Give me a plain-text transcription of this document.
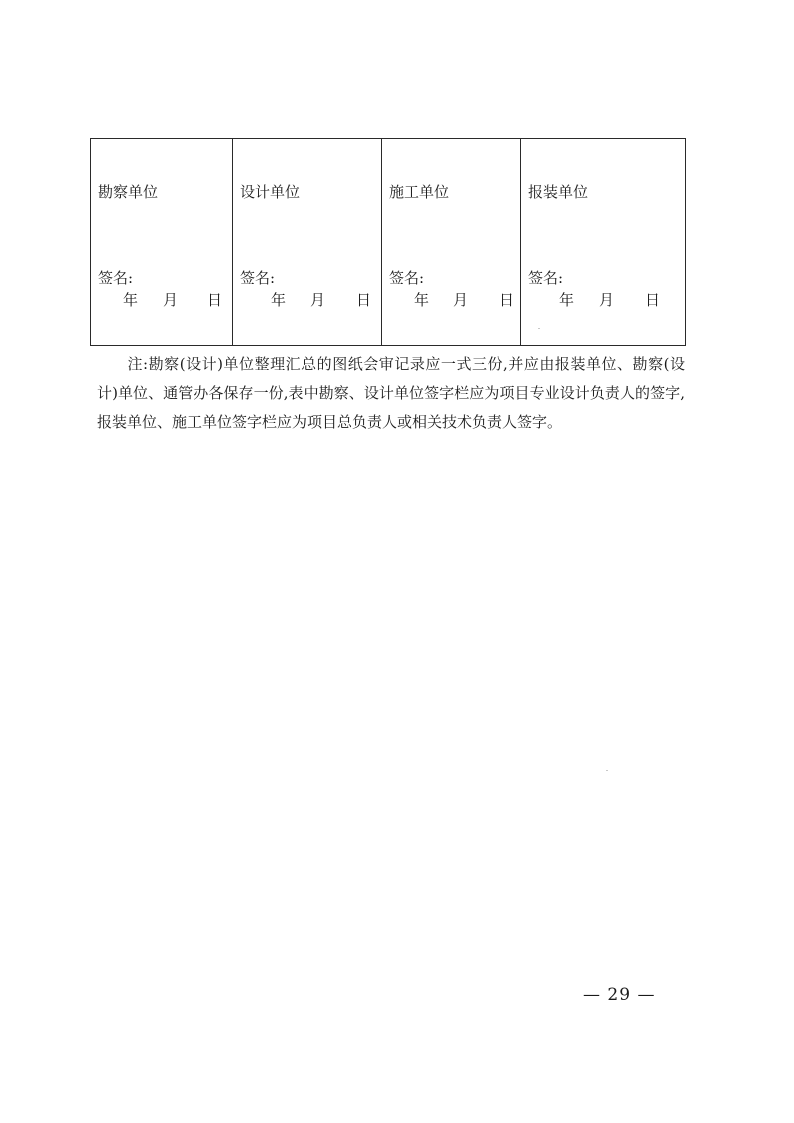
勘察单位
签名:
年 月 日
设计单位
签名:
年 月 日
施工单位
签名:
年 月 日
报装单位
签名:
年 月 日

注:勘察(设计)单位整理汇总的图纸会审记录应一式三份,并应由报装单位、勘察(设计)单位、通管办各保存一份,表中勘察、设计单位签字栏应为项目专业设计负责人的签字,报装单位、施工单位签字栏应为项目总负责人或相关技术负责人签字。

— 29 —
